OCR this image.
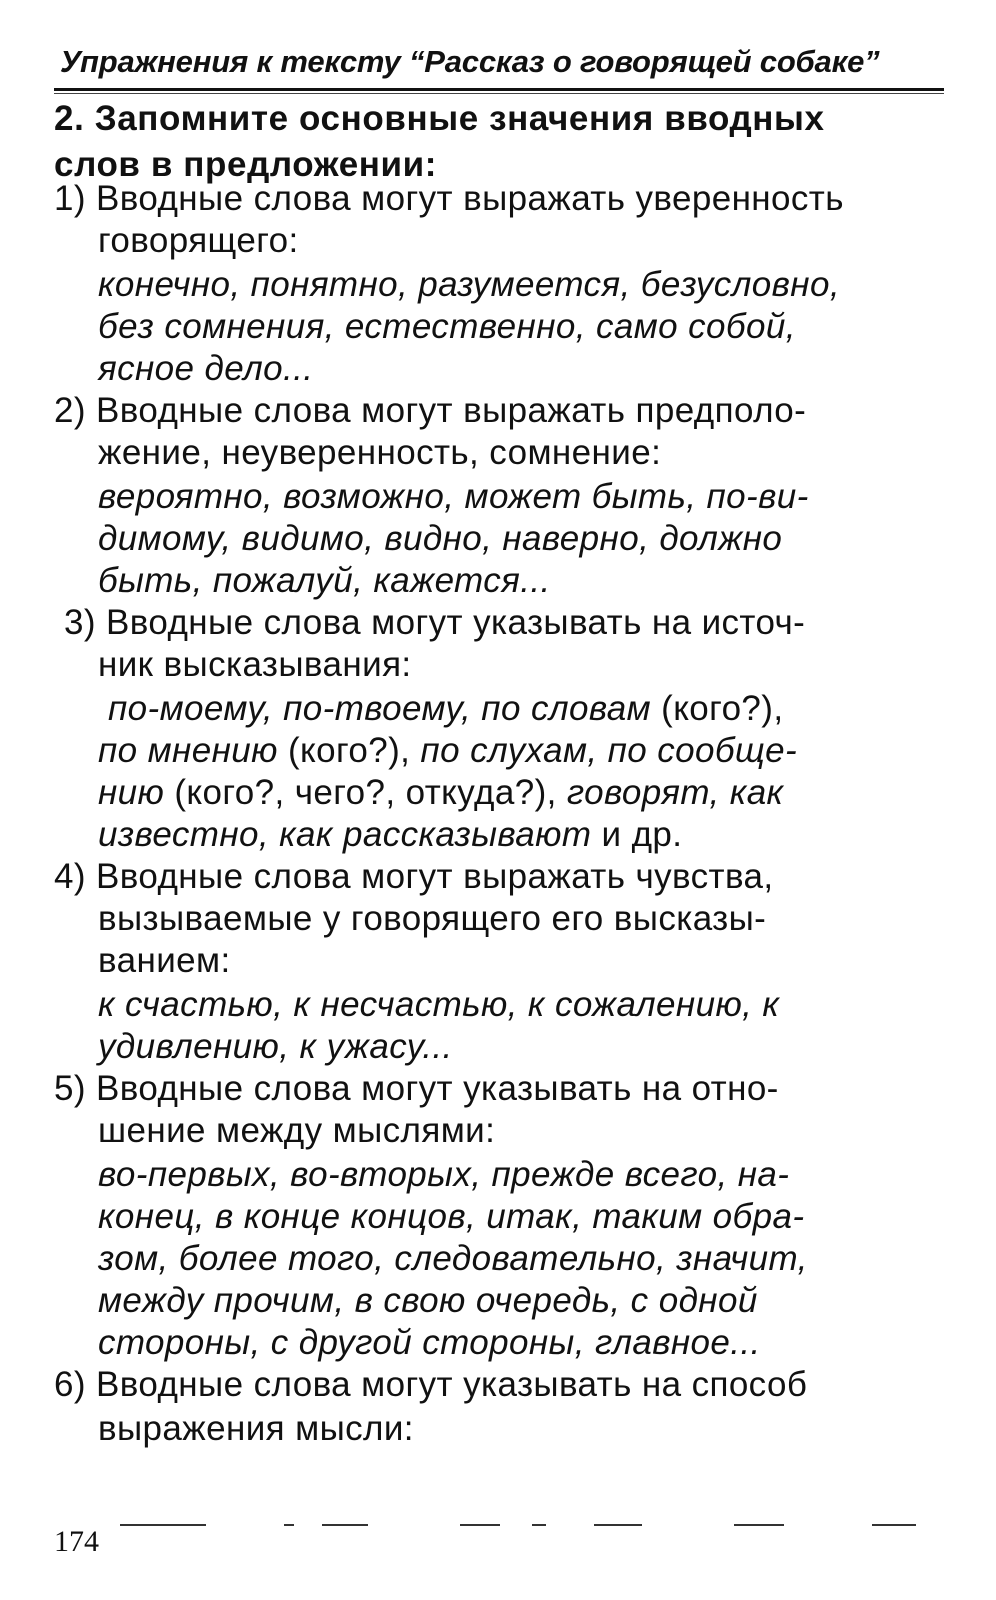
Упражнения к тексту “Рассказ о говорящей собаке”
2. Запомните основные значения вводных
слов в предложении:
1) Вводные слова могут выражать уверенность
говорящего:
конечно, понятно, разумеется, безусловно,
без сомнения, естественно, само собой,
ясное дело...
2) Вводные слова могут выражать предполо-
жение, неуверенность, сомнение:
вероятно, возможно, может быть, по-ви-
димому, видимо, видно, наверно, должно
быть, пожалуй, кажется...
3) Вводные слова могут указывать на источ-
ник высказывания:
по-моему, по-твоему, по словам (кого?),
по мнению (кого?), по слухам, по сообще-
нию (кого?, чего?, откуда?), говорят, как
известно, как рассказывают и др.
4) Вводные слова могут выражать чувства,
вызываемые у говорящего его высказы-
ванием:
к счастью, к несчастью, к сожалению, к
удивлению, к ужасу...
5) Вводные слова могут указывать на отно-
шение между мыслями:
во-первых, во-вторых, прежде всего, на-
конец, в конце концов, итак, таким обра-
зом, более того, следовательно, значит,
между прочим, в свою очередь, с одной
стороны, с другой стороны, главное...
6) Вводные слова могут указывать на способ
выражения мысли:
174
